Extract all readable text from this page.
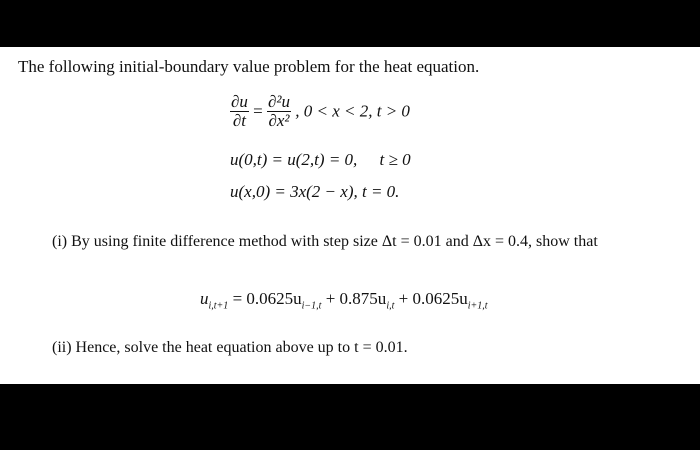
The following initial-boundary value problem for the heat equation.
$\frac{\partial u}{\partial t} = \frac{\text{∂²u}}{\text{∂x²}}$ , 0 < x < 2, t > 0
u(0,t) = u(2,t) = 0, t ≥ 0
u(x,0) = 3x(2 − x), t = 0.
(i) By using finite difference method with step size Δt = 0.01 and Δx = 0.4, show that
$u_{i,t+1} = 0.0625u_{i-1,t} + 0.875u_{i,t} + 0.0625u_{i+1,t}$
(ii) Hence, solve the heat equation above up to t = 0.01.
